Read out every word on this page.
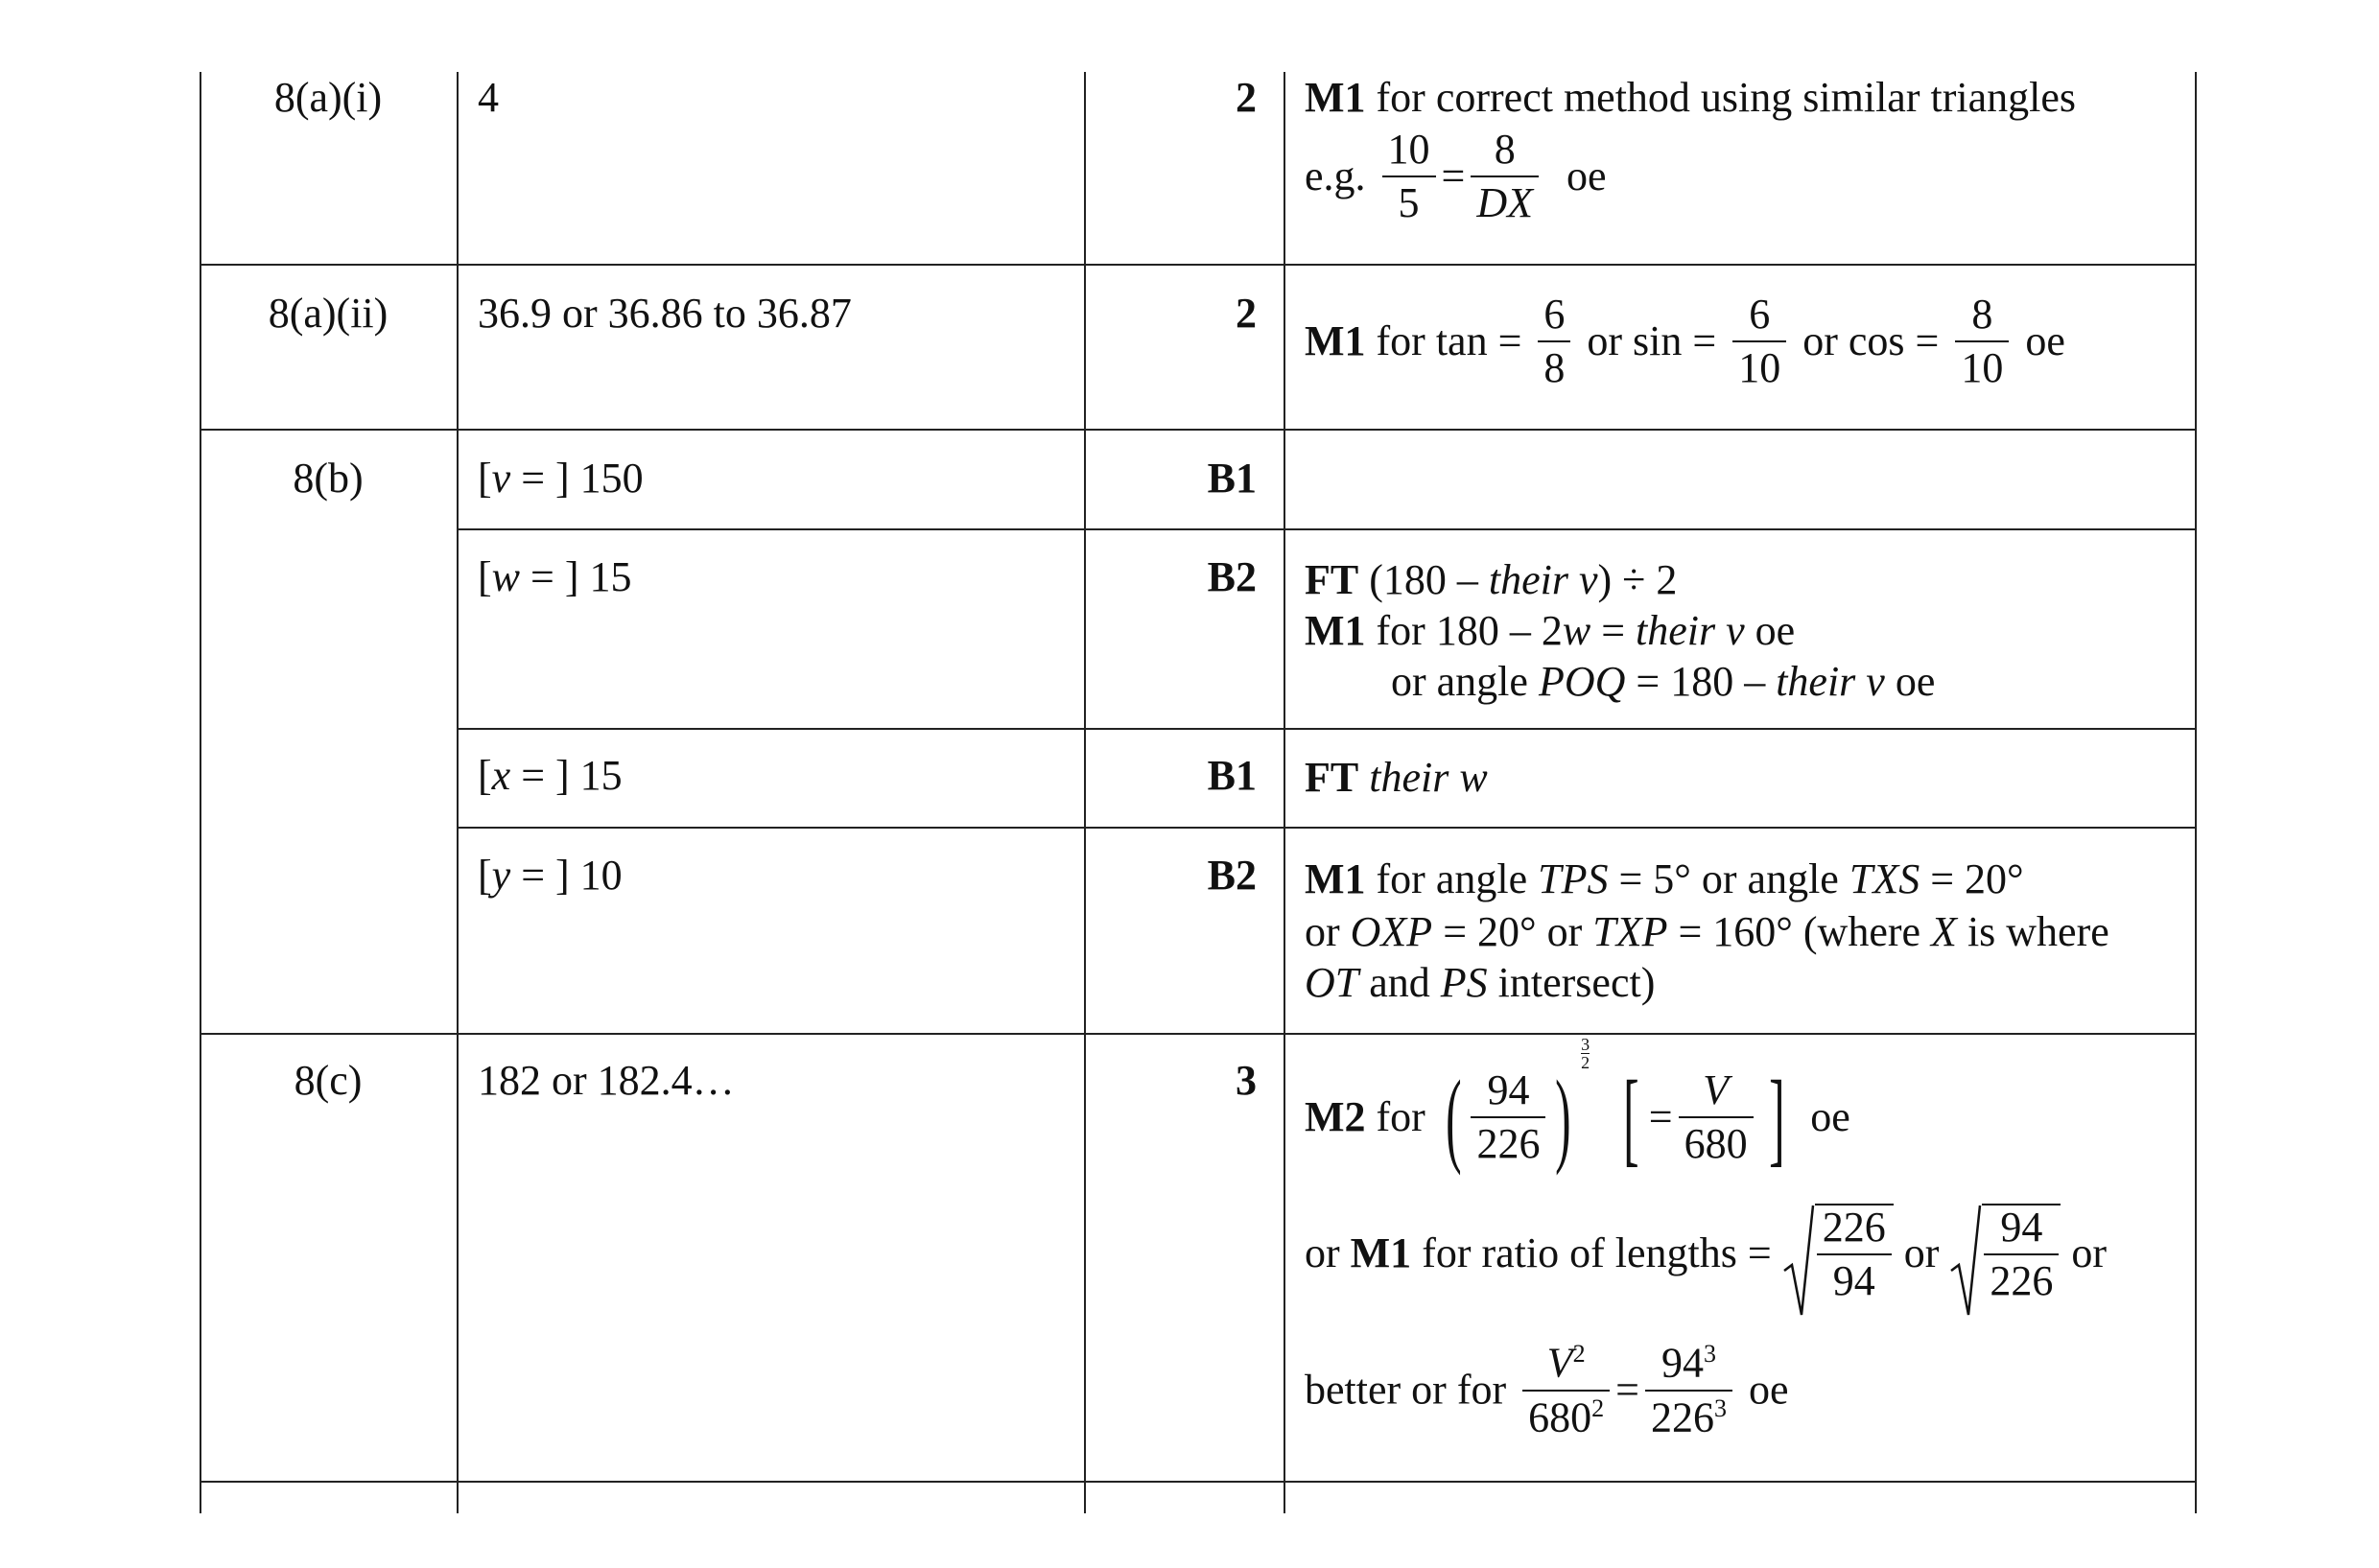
8(a)(i)	4	2 M1 for correct method using similar triangles
e.g. $\frac{10}{5} = \frac{8}{DX}$ oe
8(a)(ii)	36.9 or 36.86 to 36.87	2
M1 for $\tan = \frac{6}{8}$ or $\sin = \frac{6}{10}$ or $\cos = \frac{8}{10}$ oe
8(b)	[v = ] 150	B1
[w = ] 15	B2 FT (180 – their v) ÷ 2
M1 for 180 – 2w = their v oe
or angle POQ = 180 – their v oe
[x = ] 15	B1 FT their w
[y = ] 10	B2 M1 for angle TPS = 5° or angle TXS = 20°
or OXP = 20° or TXP = 160° (where X is where
OT and PS intersect)
8(c)	182 or 182.4…	3
M2 for ( $\frac{94}{226}$ )
$\frac{3}{2}$
[ = $\frac{V}{680}$ ] oe
or M1 for ratio of lengths = $\frac{226}{94}$ or $\frac{94}{226}$ or
better or for $\frac{V^2}{680^2} = \frac{94^3}{226^3}$ oe
